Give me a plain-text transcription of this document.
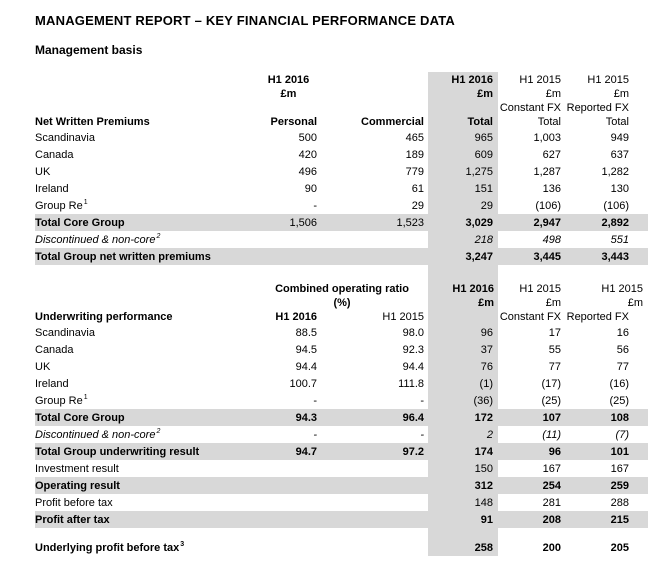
MANAGEMENT REPORT – KEY FINANCIAL PERFORMANCE DATA
Management basis
	H1 2016		H1 2016	H1 2015	H1 2015
	£m		£m	£m	£m
				Constant FX	Reported FX
Net Written Premiums	Personal	Commercial	Total	Total	Total
Scandinavia	500	465	965	1,003	949
Canada	420	189	609	627	637
UK	496	779	1,275	1,287	1,282
Ireland	90	61	151	136	130
Group Re$^1$	-	29	29	(106)	(106)
Total Core Group	1,506	1,523	3,029	2,947	2,892
Discontinued & non-core$^2$			218	498	551
Total Group net written premiums			3,247	3,445	3,443
	Combined operating ratio		H1 2016	H1 2015	H1 2015
	(%)		£m	£m	£m
Underwriting performance	H1 2016	H1 2015		Constant FX	Reported FX
Scandinavia	88.5	98.0	96	17	16
Canada	94.5	92.3	37	55	56
UK	94.4	94.4	76	77	77
Ireland	100.7	111.8	(1)	(17)	(16)
Group Re$^1$	-	-	(36)	(25)	(25)
Total Core Group	94.3	96.4	172	107	108
Discontinued & non-core$^2$	-	-	2	(11)	(7)
Total Group underwriting result	94.7	97.2	174	96	101
Investment result			150	167	167
Operating result			312	254	259
Profit before tax			148	281	288
Profit after tax			91	208	215

Underlying profit before tax$^3$			258	200	205
